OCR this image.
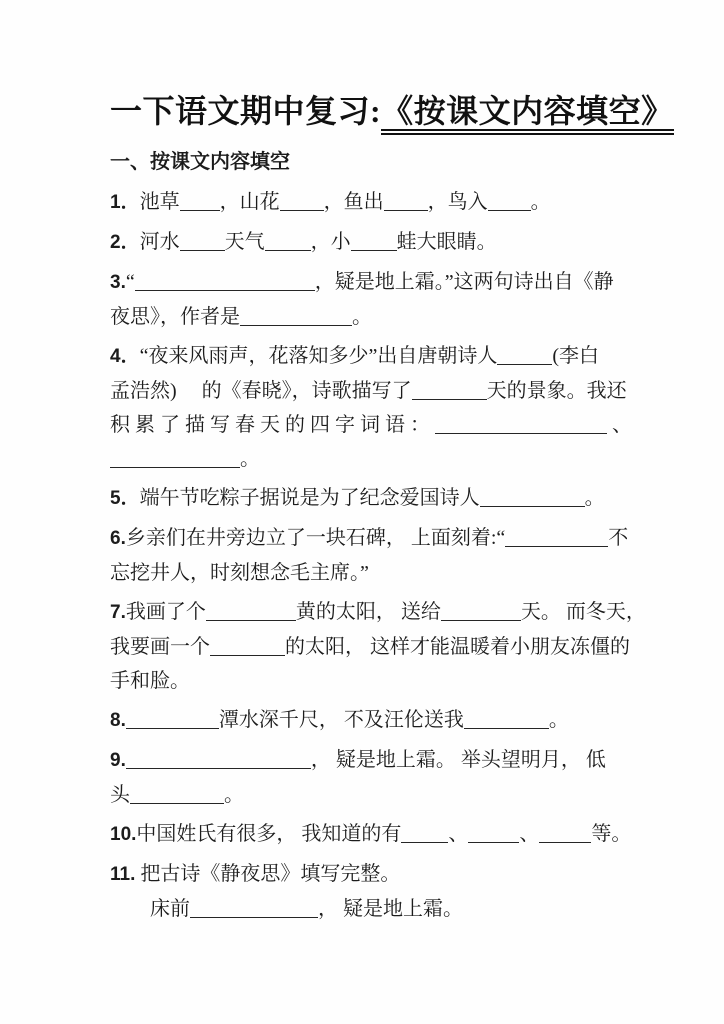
一下语文期中复习:《按课文内容填空》
一、按课文内容填空
1．池草 ，山花 ，鱼出 ，鸟入 。
2．河水 天气 ，小 蛙大眼睛。
3.“	，疑是地上霜。”这两句诗出自《静
夜思》，作者是	。
4．“夜来风雨声，花落知多少”出自唐朝诗人	(李白
孟浩然)　 的《春晓》，诗歌描写了	天的景象。我还
积 累 了 描 写 春 天 的 四 字 词 语 ：	、
。
5．端午节吃粽子据说是为了纪念爱国诗人	。
6.乡亲们在井旁边立了一块石碑， 上面刻着:“	不
忘挖井人，时刻想念毛主席。”
7.我画了个	黄的太阳， 送给	天。 而冬天，
我要画一个	的太阳， 这样才能温暖着小朋友冻僵的
手和脸。
8.	潭水深千尺， 不及汪伦送我	。
9.	， 疑是地上霜。 举头望明月， 低
头	。
10.中国姓氏有很多， 我知道的有 、	、	等。
11. 把古诗《静夜思》填写完整。
　　床前	， 疑是地上霜。
